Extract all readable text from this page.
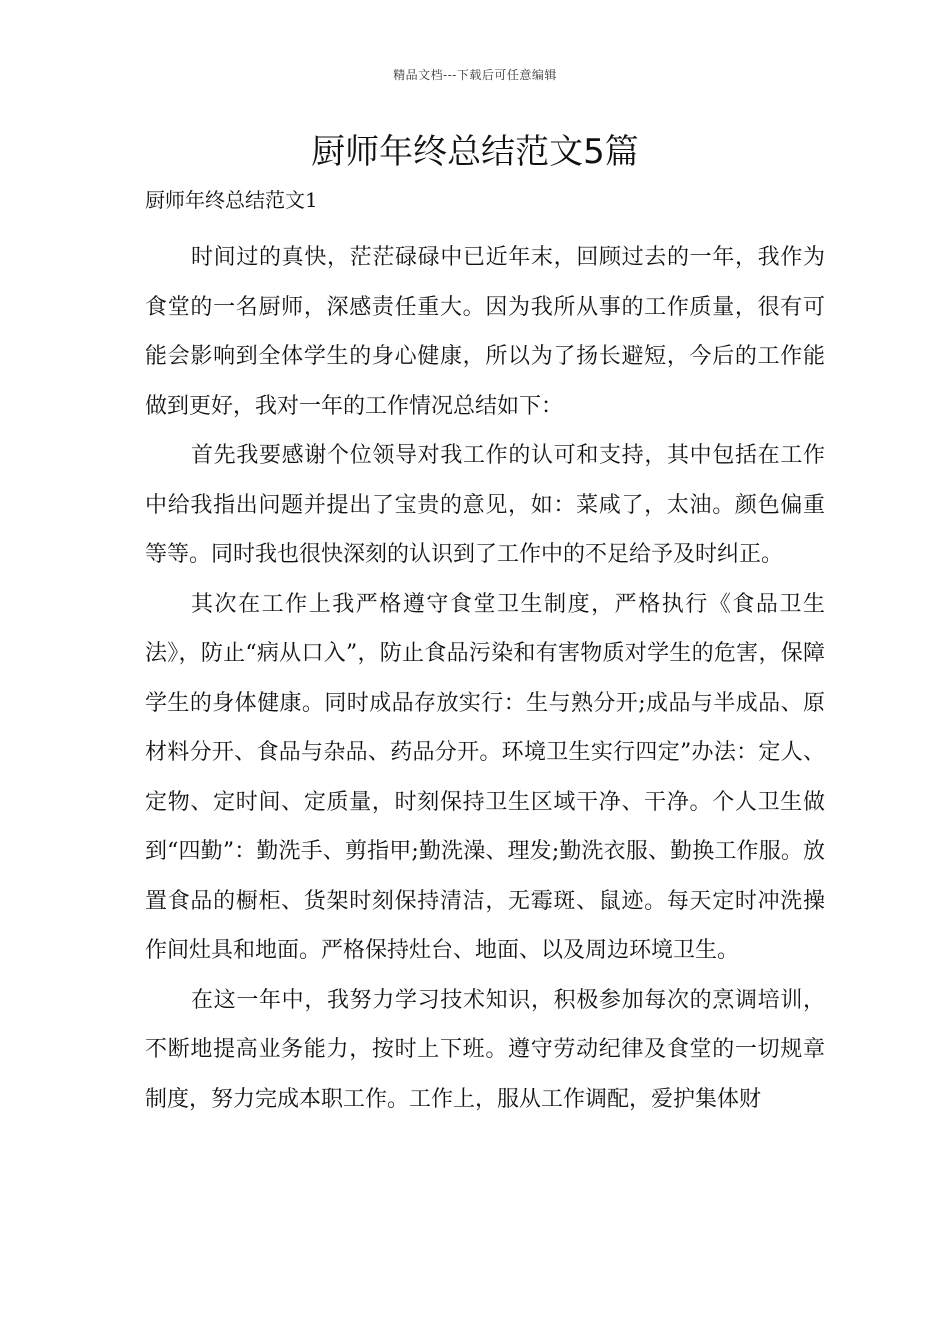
精品文档---下载后可任意编辑
厨师年终总结范文5篇
厨师年终总结范文1

时间过的真快，茫茫碌碌中已近年末，回顾过去的一年，我作为食堂的一名厨师，深感责任重大。因为我所从事的工作质量，很有可能会影响到全体学生的身心健康，所以为了扬长避短，今后的工作能做到更好，我对一年的工作情况总结如下：

首先我要感谢个位领导对我工作的认可和支持，其中包括在工作中给我指出问题并提出了宝贵的意见，如：菜咸了，太油。颜色偏重等等。同时我也很快深刻的认识到了工作中的不足给予及时纠正。

其次在工作上我严格遵守食堂卫生制度，严格执行《食品卫生法》，防止“病从口入”，防止食品污染和有害物质对学生的危害，保障学生的身体健康。同时成品存放实行：生与熟分开;成品与半成品、原材料分开、食品与杂品、药品分开。环境卫生实行四定”办法：定人、定物、定时间、定质量，时刻保持卫生区域干净、干净。个人卫生做到“四勤”：勤洗手、剪指甲;勤洗澡、理发;勤洗衣服、勤换工作服。放置食品的橱柜、货架时刻保持清洁，无霉斑、鼠迹。每天定时冲洗操作间灶具和地面。严格保持灶台、地面、以及周边环境卫生。

在这一年中，我努力学习技术知识，积极参加每次的烹调培训，不断地提高业务能力，按时上下班。遵守劳动纪律及食堂的一切规章制度，努力完成本职工作。工作上，服从工作调配，爱护集体财
